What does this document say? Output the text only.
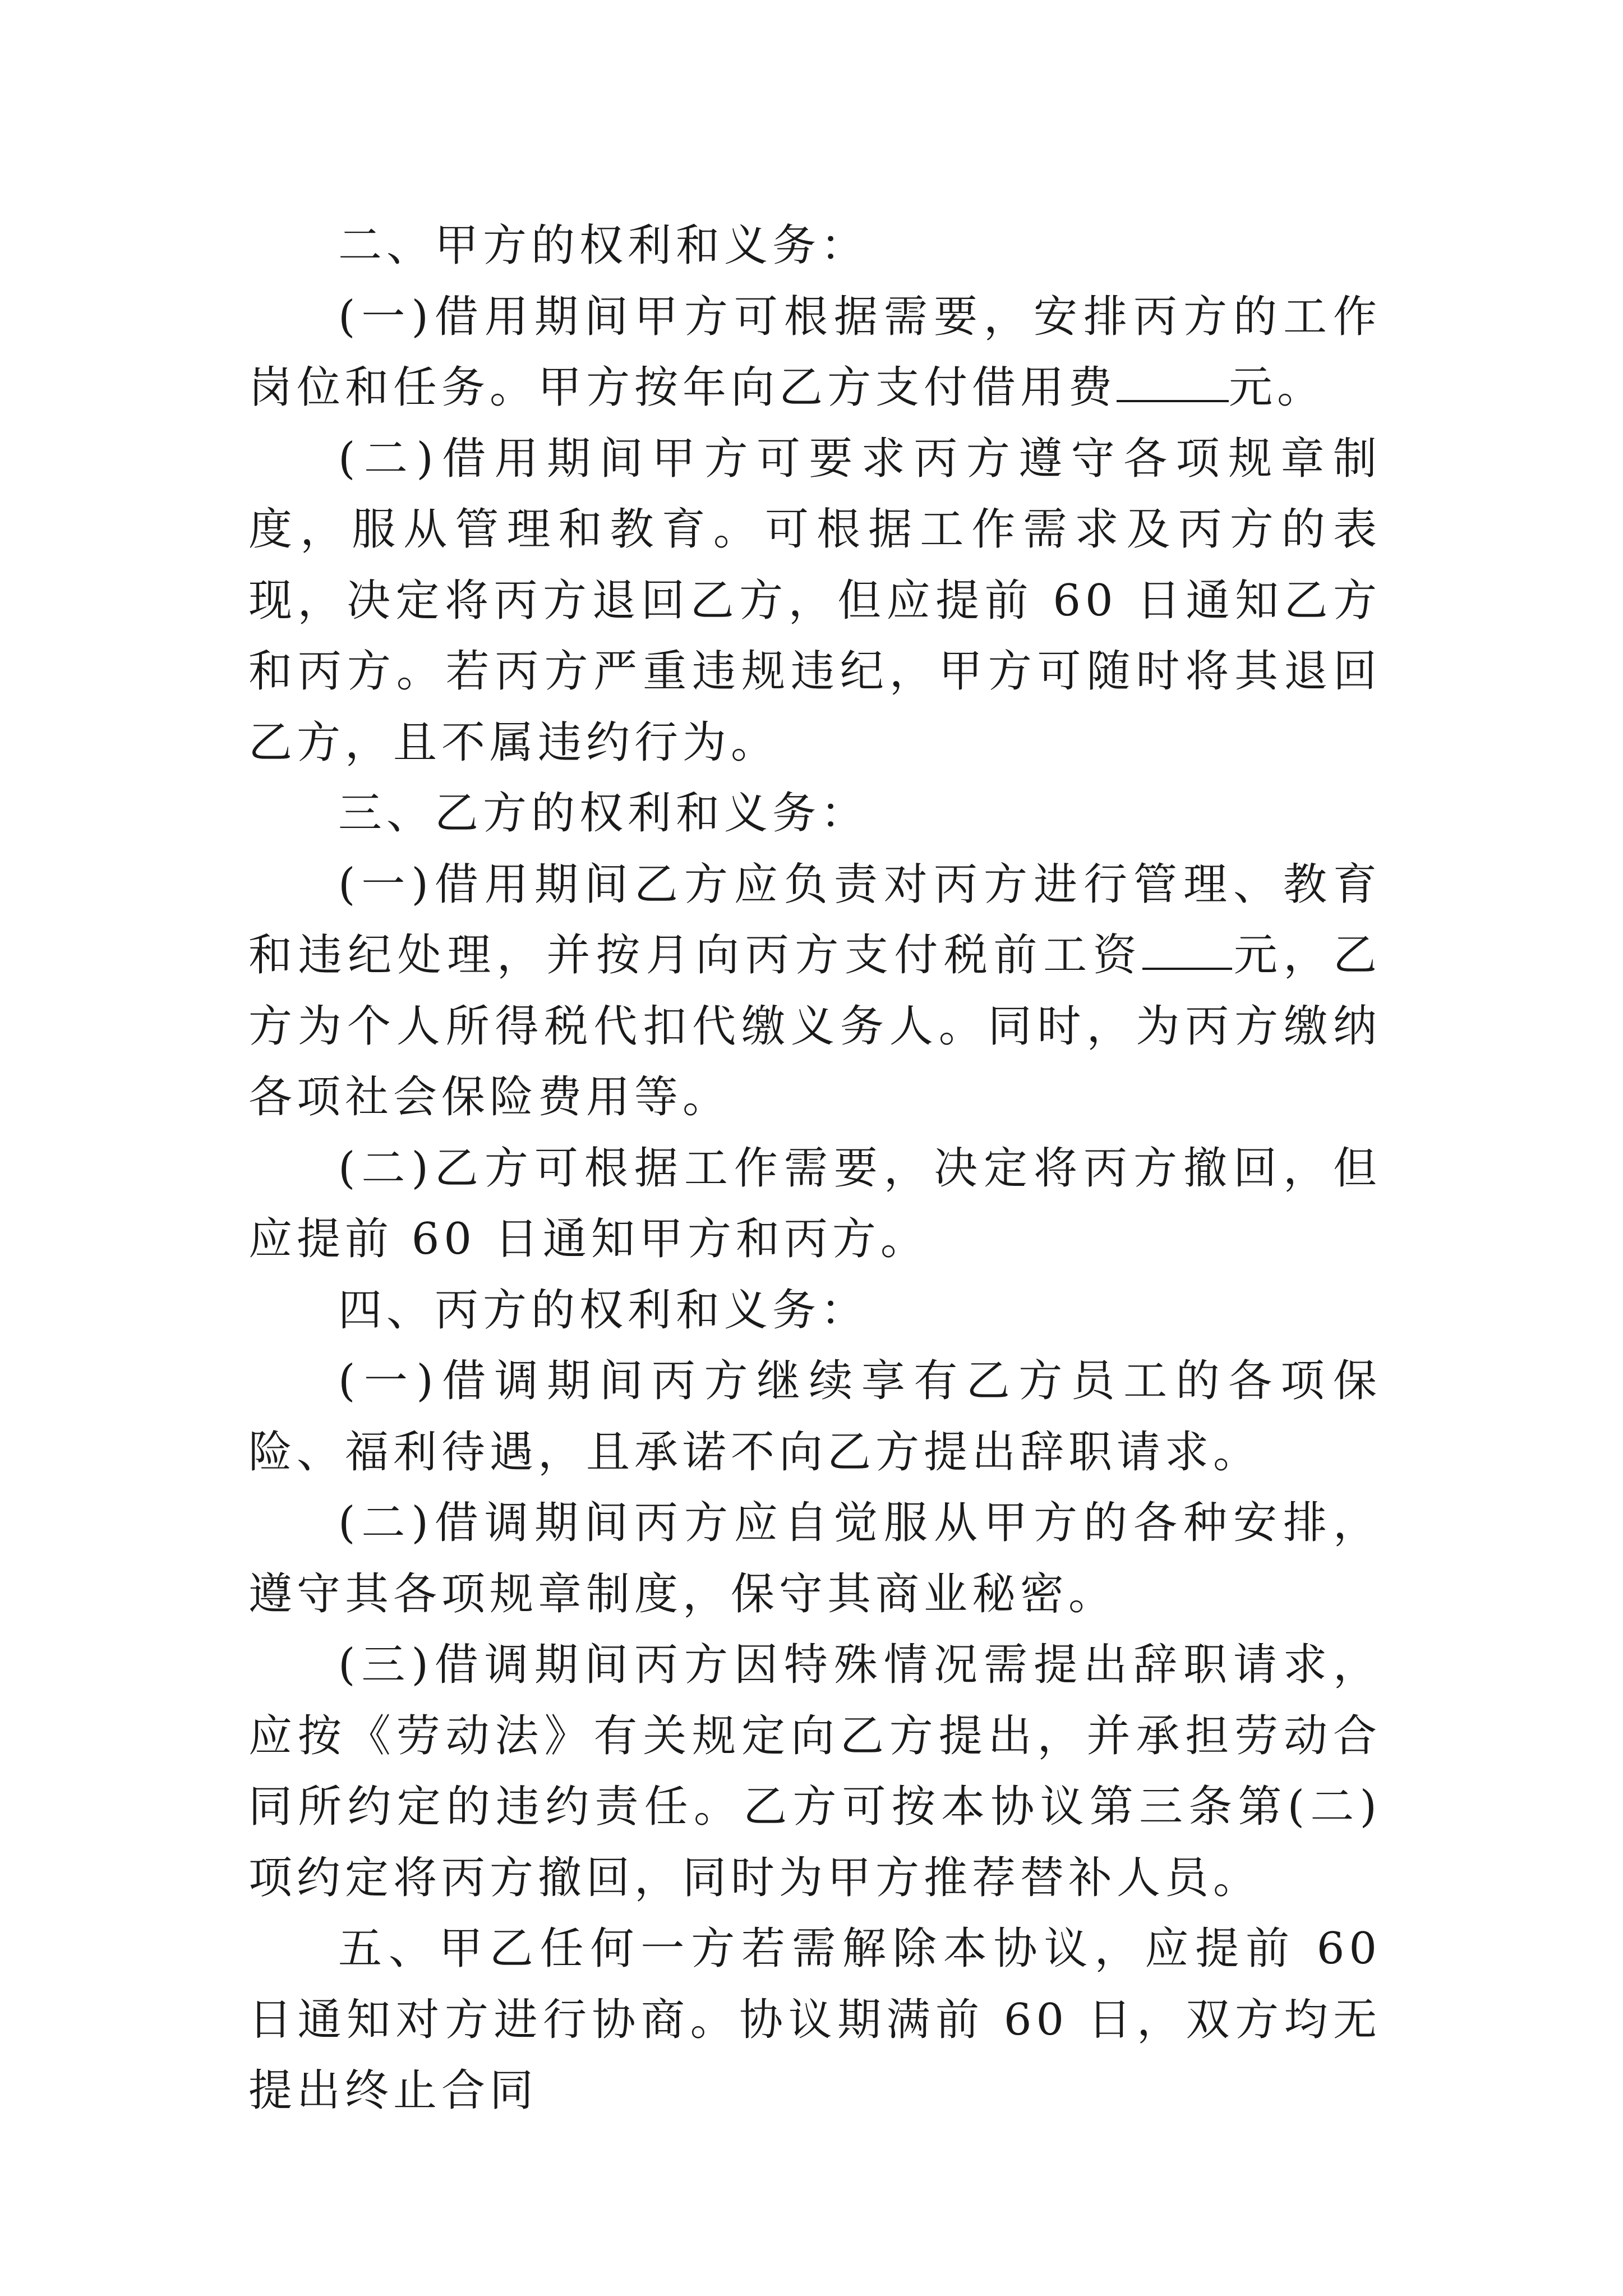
二、甲方的权利和义务：

(一)借用期间甲方可根据需要，安排丙方的工作岗位和任务。甲方按年向乙方支付借用费	元。

(二)借用期间甲方可要求丙方遵守各项规章制度，服从管理和教育。可根据工作需求及丙方的表现，决定将丙方退回乙方，但应提前 60 日通知乙方和丙方。若丙方严重违规违纪，甲方可随时将其退回乙方，且不属违约行为。

三、乙方的权利和义务：

(一)借用期间乙方应负责对丙方进行管理、教育和违纪处理，并按月向丙方支付税前工资 元，乙方为个人所得税代扣代缴义务人。同时，为丙方缴纳各项社会保险费用等。

(二)乙方可根据工作需要，决定将丙方撤回，但应提前 60 日通知甲方和丙方。

四、丙方的权利和义务：

(一)借调期间丙方继续享有乙方员工的各项保险、福利待遇，且承诺不向乙方提出辞职请求。

(二)借调期间丙方应自觉服从甲方的各种安排，遵守其各项规章制度，保守其商业秘密。

(三)借调期间丙方因特殊情况需提出辞职请求，应按《劳动法》有关规定向乙方提出，并承担劳动合同所约定的违约责任。乙方可按本协议第三条第(二)项约定将丙方撤回，同时为甲方推荐替补人员。

五、甲乙任何一方若需解除本协议，应提前 60 日通知对方进行协商。协议期满前 60 日，双方均无提出终止合同
